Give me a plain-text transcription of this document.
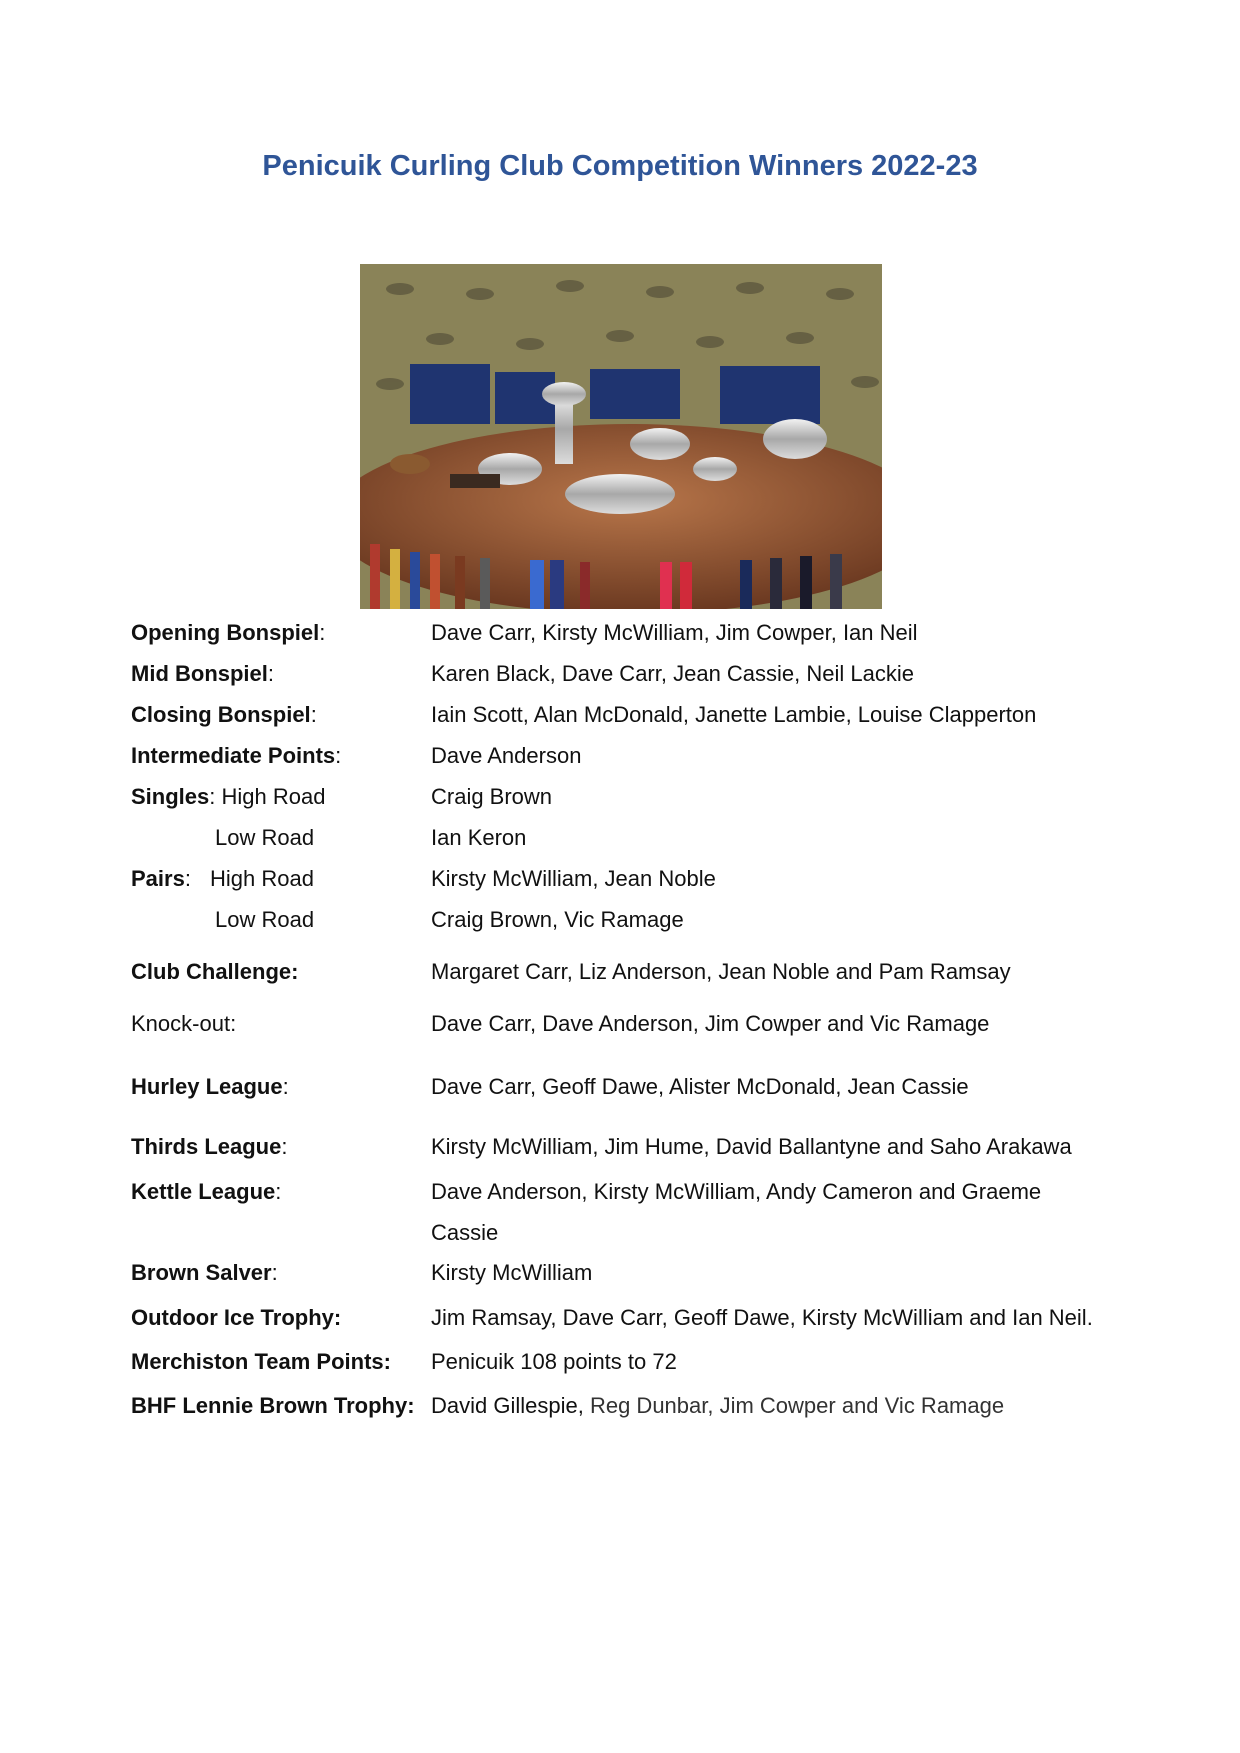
Penicuik Curling Club Competition Winners 2022-23
Opening Bonspiel:	Dave Carr, Kirsty McWilliam, Jim Cowper, Ian Neil
Mid Bonspiel:	Karen Black, Dave Carr, Jean Cassie, Neil Lackie
Closing Bonspiel:	Iain Scott, Alan McDonald, Janette Lambie, Louise Clapperton
Intermediate Points:	Dave Anderson
Singles: High Road	Craig Brown
Low Road	Ian Keron
Pairs: High Road	Kirsty McWilliam, Jean Noble
Low Road	Craig Brown, Vic Ramage
Club Challenge:	Margaret Carr, Liz Anderson, Jean Noble and Pam Ramsay
Knock-out:	Dave Carr, Dave Anderson, Jim Cowper and Vic Ramage
Hurley League:	Dave Carr, Geoff Dawe, Alister McDonald, Jean Cassie
Thirds League:	Kirsty McWilliam, Jim Hume, David Ballantyne and Saho Arakawa
Kettle League:	Dave Anderson, Kirsty McWilliam, Andy Cameron and Graeme
Cassie
Brown Salver:	Kirsty McWilliam
Outdoor Ice Trophy:	Jim Ramsay, Dave Carr, Geoff Dawe, Kirsty McWilliam and Ian Neil.
Merchiston Team Points: Penicuik 108 points to 72
BHF Lennie Brown Trophy: David Gillespie, Reg Dunbar, Jim Cowper and Vic Ramage
